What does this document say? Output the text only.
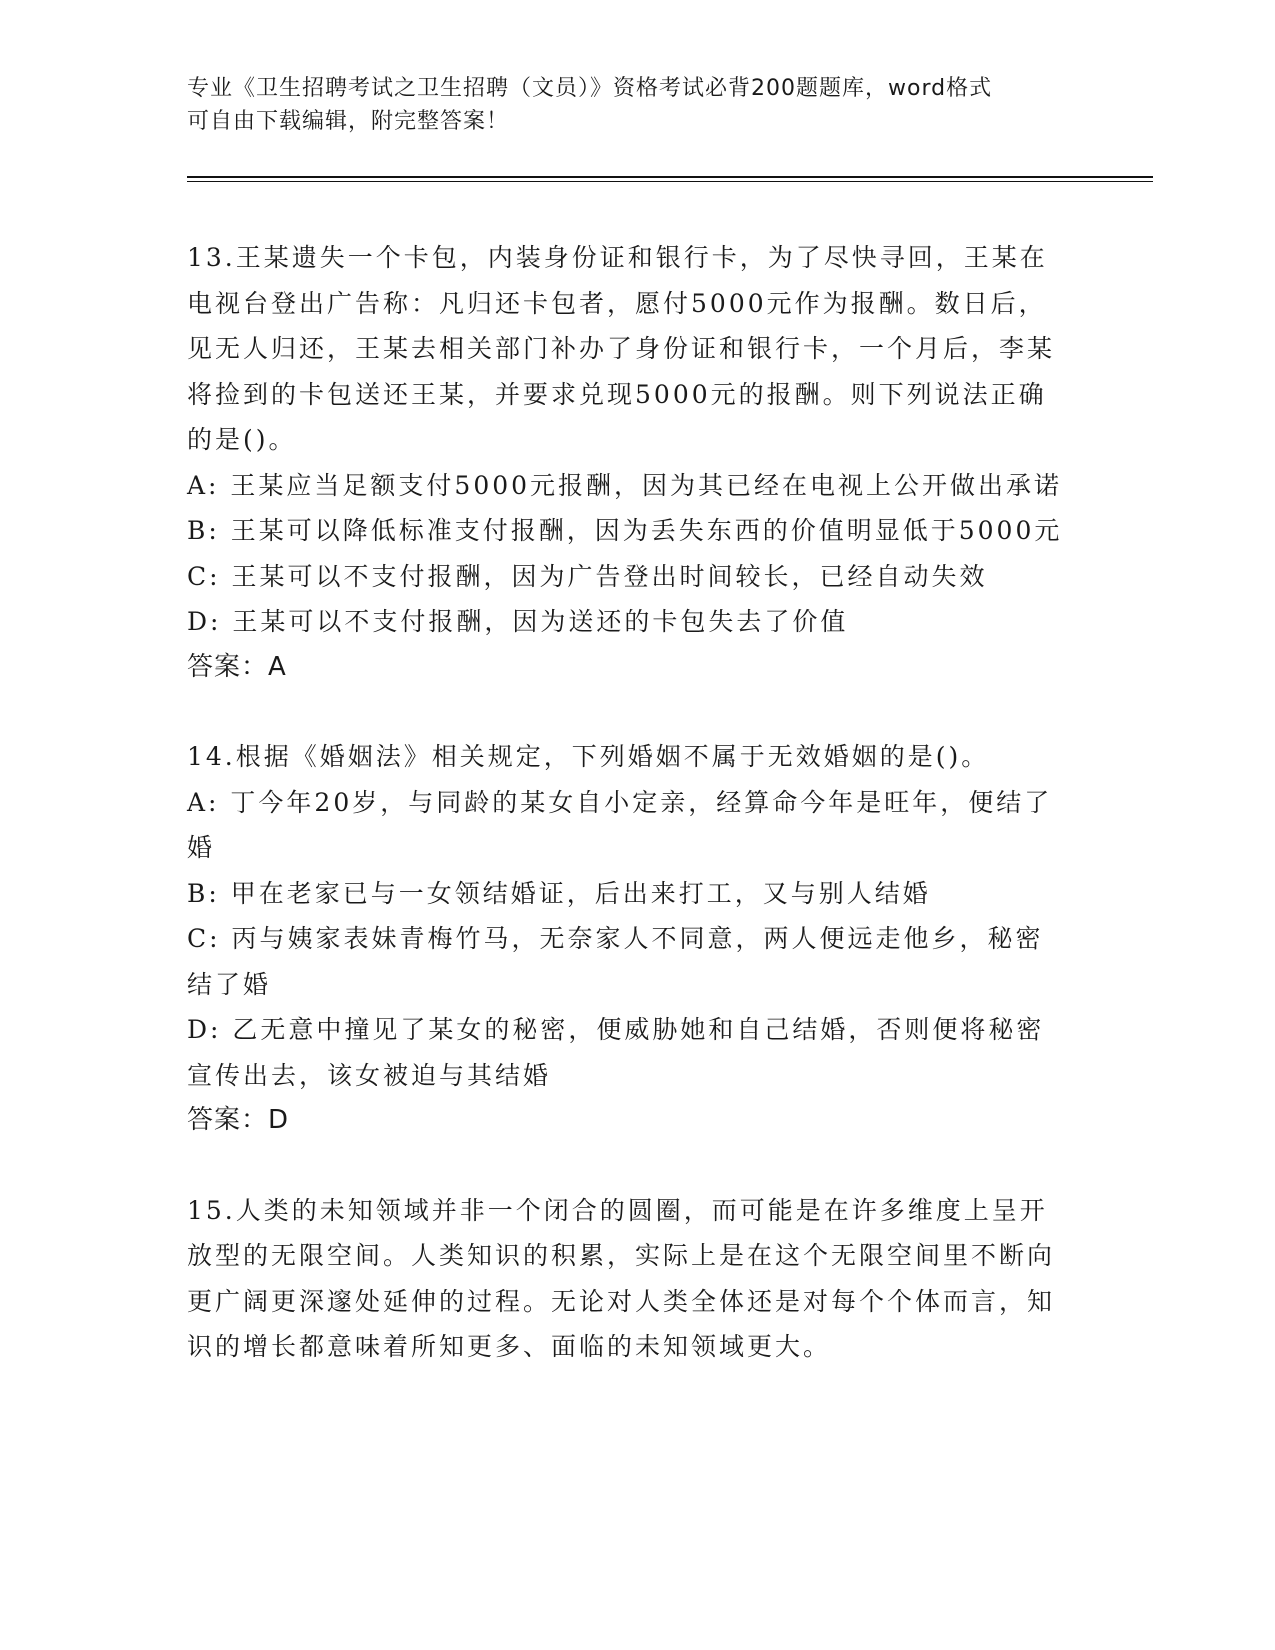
专业《卫生招聘考试之卫生招聘（文员）》资格考试必背200题题库，word格式
可自由下载编辑，附完整答案！
13.王某遗失一个卡包，内装身份证和银行卡，为了尽快寻回，王某在电视台登出广告称：凡归还卡包者，愿付5000元作为报酬。数日后，见无人归还，王某去相关部门补办了身份证和银行卡，一个月后，李某将捡到的卡包送还王某，并要求兑现5000元的报酬。则下列说法正确的是()。
A: 王某应当足额支付5000元报酬，因为其已经在电视上公开做出承诺
B: 王某可以降低标准支付报酬，因为丢失东西的价值明显低于5000元
C: 王某可以不支付报酬，因为广告登出时间较长，已经自动失效
D: 王某可以不支付报酬，因为送还的卡包失去了价值
答案：A
14.根据《婚姻法》相关规定，下列婚姻不属于无效婚姻的是()。
A: 丁今年20岁，与同龄的某女自小定亲，经算命今年是旺年，便结了婚
B: 甲在老家已与一女领结婚证，后出来打工，又与别人结婚
C: 丙与姨家表妹青梅竹马，无奈家人不同意，两人便远走他乡，秘密结了婚
D: 乙无意中撞见了某女的秘密，便威胁她和自己结婚，否则便将秘密宣传出去，该女被迫与其结婚
答案：D
15.人类的未知领域并非一个闭合的圆圈，而可能是在许多维度上呈开放型的无限空间。人类知识的积累，实际上是在这个无限空间里不断向更广阔更深邃处延伸的过程。无论对人类全体还是对每个个体而言，知识的增长都意味着所知更多、面临的未知领域更大。
